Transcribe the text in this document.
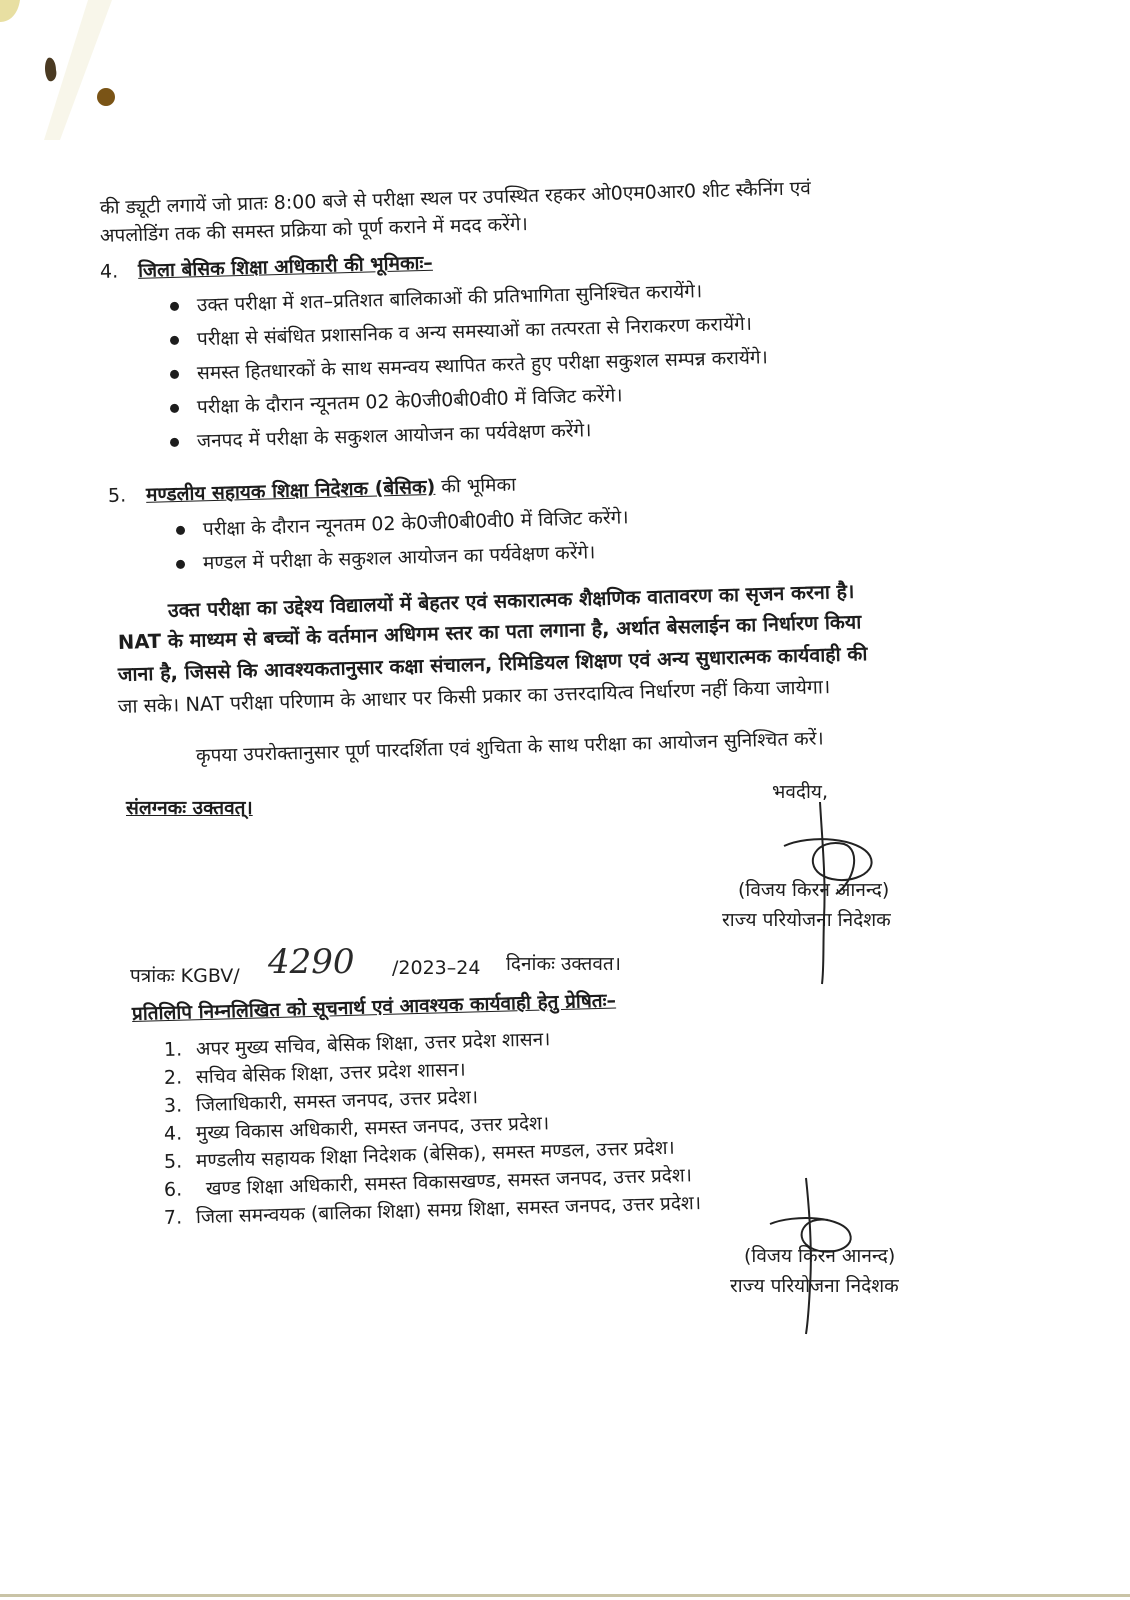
की ड्यूटी लगायें जो प्रातः 8:00 बजे से परीक्षा स्थल पर उपस्थित रहकर ओ0एम0आर0 शीट स्कैनिंग एवं
अपलोडिंग तक की समस्त प्रक्रिया को पूर्ण कराने में मदद करेंगे।
4. जिला बेसिक शिक्षा अधिकारी की भूमिकाः–
उक्त परीक्षा में शत–प्रतिशत बालिकाओं की प्रतिभागिता सुनिश्चित करायेंगे।
परीक्षा से संबंधित प्रशासनिक व अन्य समस्याओं का तत्परता से निराकरण करायेंगे।
समस्त हितधारकों के साथ समन्वय स्थापित करते हुए परीक्षा सकुशल सम्पन्न करायेंगे।
परीक्षा के दौरान न्यूनतम 02 के0जी0बी0वी0 में विजिट करेंगे।
जनपद में परीक्षा के सकुशल आयोजन का पर्यवेक्षण करेंगे।
5. मण्डलीय सहायक शिक्षा निदेशक (बेसिक) की भूमिका
परीक्षा के दौरान न्यूनतम 02 के0जी0बी0वी0 में विजिट करेंगे।
मण्डल में परीक्षा के सकुशल आयोजन का पर्यवेक्षण करेंगे।
उक्त परीक्षा का उद्देश्य विद्यालयों में बेहतर एवं सकारात्मक शैक्षणिक वातावरण का सृजन करना है।
NAT के माध्यम से बच्चों के वर्तमान अधिगम स्तर का पता लगाना है, अर्थात बेसलाईन का निर्धारण किया
जाना है, जिससे कि आवश्यकतानुसार कक्षा संचालन, रिमिडियल शिक्षण एवं अन्य सुधारात्मक कार्यवाही की
जा सके। NAT परीक्षा परिणाम के आधार पर किसी प्रकार का उत्तरदायित्व निर्धारण नहीं किया जायेगा।
कृपया उपरोक्तानुसार पूर्ण पारदर्शिता एवं शुचिता के साथ परीक्षा का आयोजन सुनिश्चित करें।
संलग्नकः उक्तवत्।
भवदीय,
(विजय किरन आनन्द)
राज्य परियोजना निदेशक
पत्रांकः KGBV/ 4290 /2023–24 दिनांकः उक्तवत।
प्रतिलिपि निम्नलिखित को सूचनार्थ एवं आवश्यक कार्यवाही हेतु प्रेषितः–
1. अपर मुख्य सचिव, बेसिक शिक्षा, उत्तर प्रदेश शासन।
2. सचिव बेसिक शिक्षा, उत्तर प्रदेश शासन।
3. जिलाधिकारी, समस्त जनपद, उत्तर प्रदेश।
4. मुख्य विकास अधिकारी, समस्त जनपद, उत्तर प्रदेश।
5. मण्डलीय सहायक शिक्षा निदेशक (बेसिक), समस्त मण्डल, उत्तर प्रदेश।
6. खण्ड शिक्षा अधिकारी, समस्त विकासखण्ड, समस्त जनपद, उत्तर प्रदेश।
7. जिला समन्वयक (बालिका शिक्षा) समग्र शिक्षा, समस्त जनपद, उत्तर प्रदेश।
(विजय किरन आनन्द)
राज्य परियोजना निदेशक
